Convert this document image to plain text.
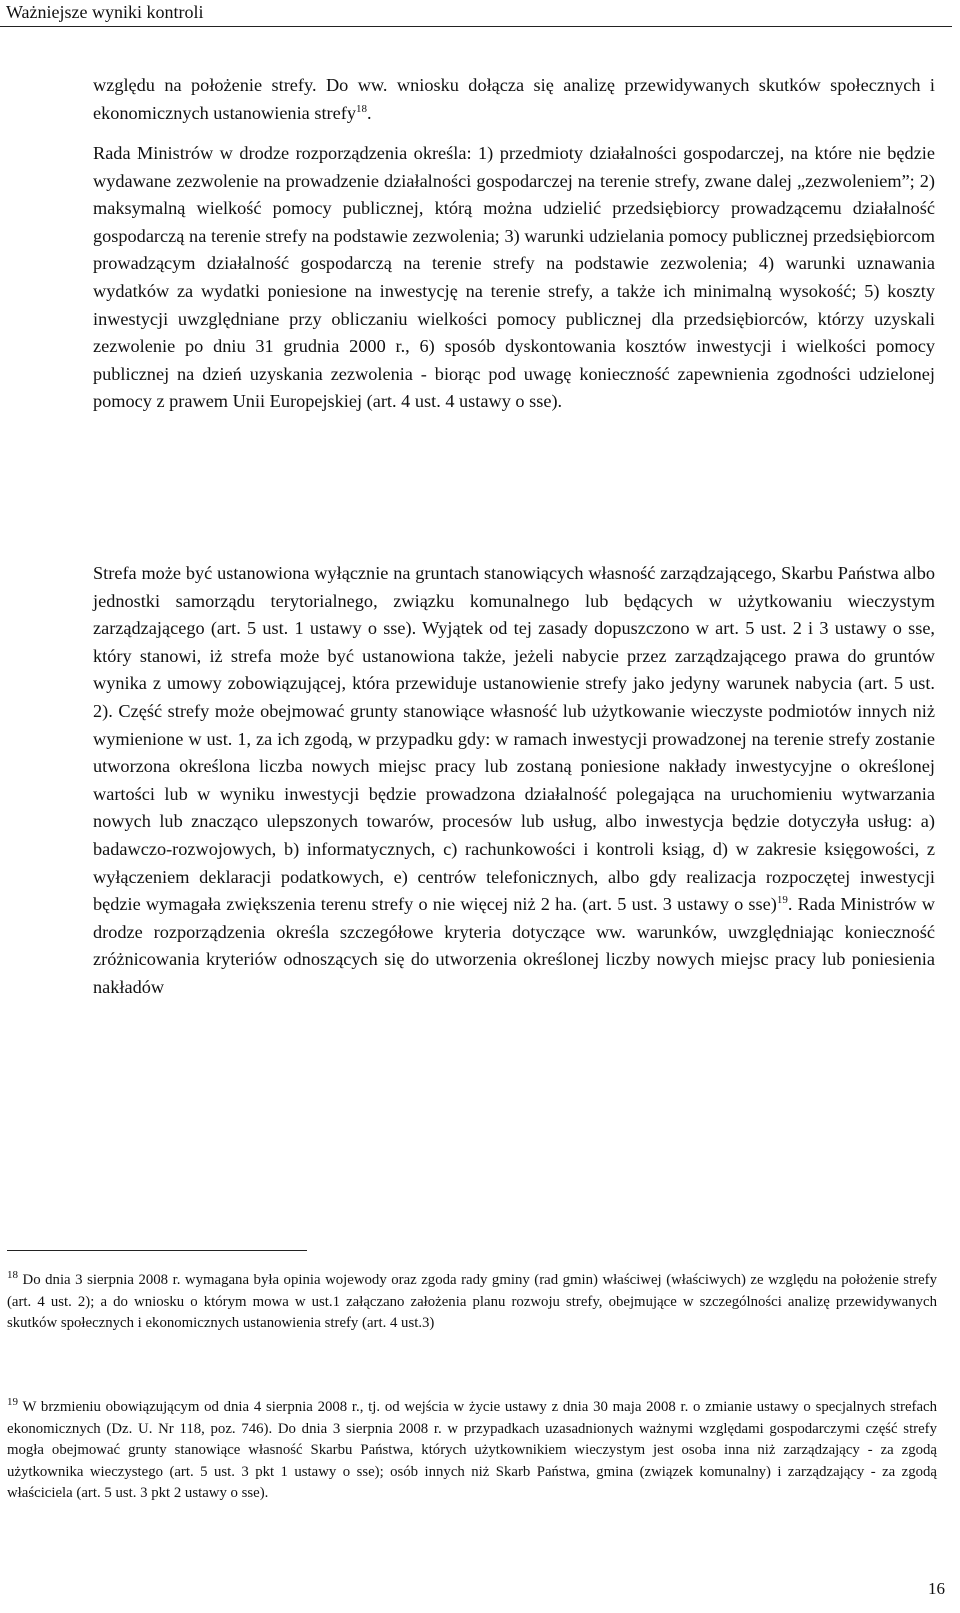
Ważniejsze wyniki kontroli

względu na położenie strefy. Do ww. wniosku dołącza się analizę przewidywanych skutków społecznych i ekonomicznych ustanowienia strefy$^{18}$.

Rada Ministrów w drodze rozporządzenia określa: 1) przedmioty działalności gospodarczej, na które nie będzie wydawane zezwolenie na prowadzenie działalności gospodarczej na terenie strefy, zwane dalej „zezwoleniem”; 2) maksymalną wielkość pomocy publicznej, którą można udzielić przedsiębiorcy prowadzącemu działalność gospodarczą na terenie strefy na podstawie zezwolenia; 3) warunki udzielania pomocy publicznej przedsiębiorcom prowadzącym działalność gospodarczą na terenie strefy na podstawie zezwolenia; 4) warunki uznawania wydatków za wydatki poniesione na inwestycję na terenie strefy, a także ich minimalną wysokość; 5) koszty inwestycji uwzględniane przy obliczaniu wielkości pomocy publicznej dla przedsiębiorców, którzy uzyskali zezwolenie po dniu 31 grudnia 2000 r., 6) sposób dyskontowania kosztów inwestycji i wielkości pomocy publicznej na dzień uzyskania zezwolenia - biorąc pod uwagę konieczność zapewnienia zgodności udzielonej pomocy z prawem Unii Europejskiej (art. 4 ust. 4 ustawy o sse).

Strefa może być ustanowiona wyłącznie na gruntach stanowiących własność zarządzającego, Skarbu Państwa albo jednostki samorządu terytorialnego, związku komunalnego lub będących w użytkowaniu wieczystym zarządzającego (art. 5 ust. 1 ustawy o sse). Wyjątek od tej zasady dopuszczono w art. 5 ust. 2 i 3 ustawy o sse, który stanowi, iż strefa może być ustanowiona także, jeżeli nabycie przez zarządzającego prawa do gruntów wynika z umowy zobowiązującej, która przewiduje ustanowienie strefy jako jedyny warunek nabycia (art. 5 ust. 2). Część strefy może obejmować grunty stanowiące własność lub użytkowanie wieczyste podmiotów innych niż wymienione w ust. 1, za ich zgodą, w przypadku gdy: w ramach inwestycji prowadzonej na terenie strefy zostanie utworzona określona liczba nowych miejsc pracy lub zostaną poniesione nakłady inwestycyjne o określonej wartości lub w wyniku inwestycji będzie prowadzona działalność polegająca na uruchomieniu wytwarzania nowych lub znacząco ulepszonych towarów, procesów lub usług, albo inwestycja będzie dotyczyła usług: a) badawczo-rozwojowych, b) informatycznych, c) rachunkowości i kontroli ksiąg, d) w zakresie księgowości, z wyłączeniem deklaracji podatkowych, e) centrów telefonicznych, albo gdy realizacja rozpoczętej inwestycji będzie wymagała zwiększenia terenu strefy o nie więcej niż 2 ha. (art. 5 ust. 3 ustawy o sse)$^{19}$. Rada Ministrów w drodze rozporządzenia określa szczegółowe kryteria dotyczące ww. warunków, uwzględniając konieczność zróżnicowania kryteriów odnoszących się do utworzenia określonej liczby nowych miejsc pracy lub poniesienia nakładów

$^{18}$ Do dnia 3 sierpnia 2008 r. wymagana była opinia wojewody oraz zgoda rady gminy (rad gmin) właściwej (właściwych) ze względu na położenie strefy (art. 4 ust. 2); a do wniosku o którym mowa w ust.1 załączano założenia planu rozwoju strefy, obejmujące w szczególności analizę przewidywanych skutków społecznych i ekonomicznych ustanowienia strefy (art. 4 ust.3)

$^{19}$ W brzmieniu obowiązującym od dnia 4 sierpnia 2008 r., tj. od wejścia w życie ustawy z dnia 30 maja 2008 r. o zmianie ustawy o specjalnych strefach ekonomicznych (Dz. U. Nr 118, poz. 746). Do dnia 3 sierpnia 2008 r. w przypadkach uzasadnionych ważnymi względami gospodarczymi część strefy mogła obejmować grunty stanowiące własność Skarbu Państwa, których użytkownikiem wieczystym jest osoba inna niż zarządzający - za zgodą użytkownika wieczystego (art. 5 ust. 3 pkt 1 ustawy o sse); osób innych niż Skarb Państwa, gmina (związek komunalny) i zarządzający - za zgodą właściciela (art. 5 ust. 3 pkt 2 ustawy o sse).

16
